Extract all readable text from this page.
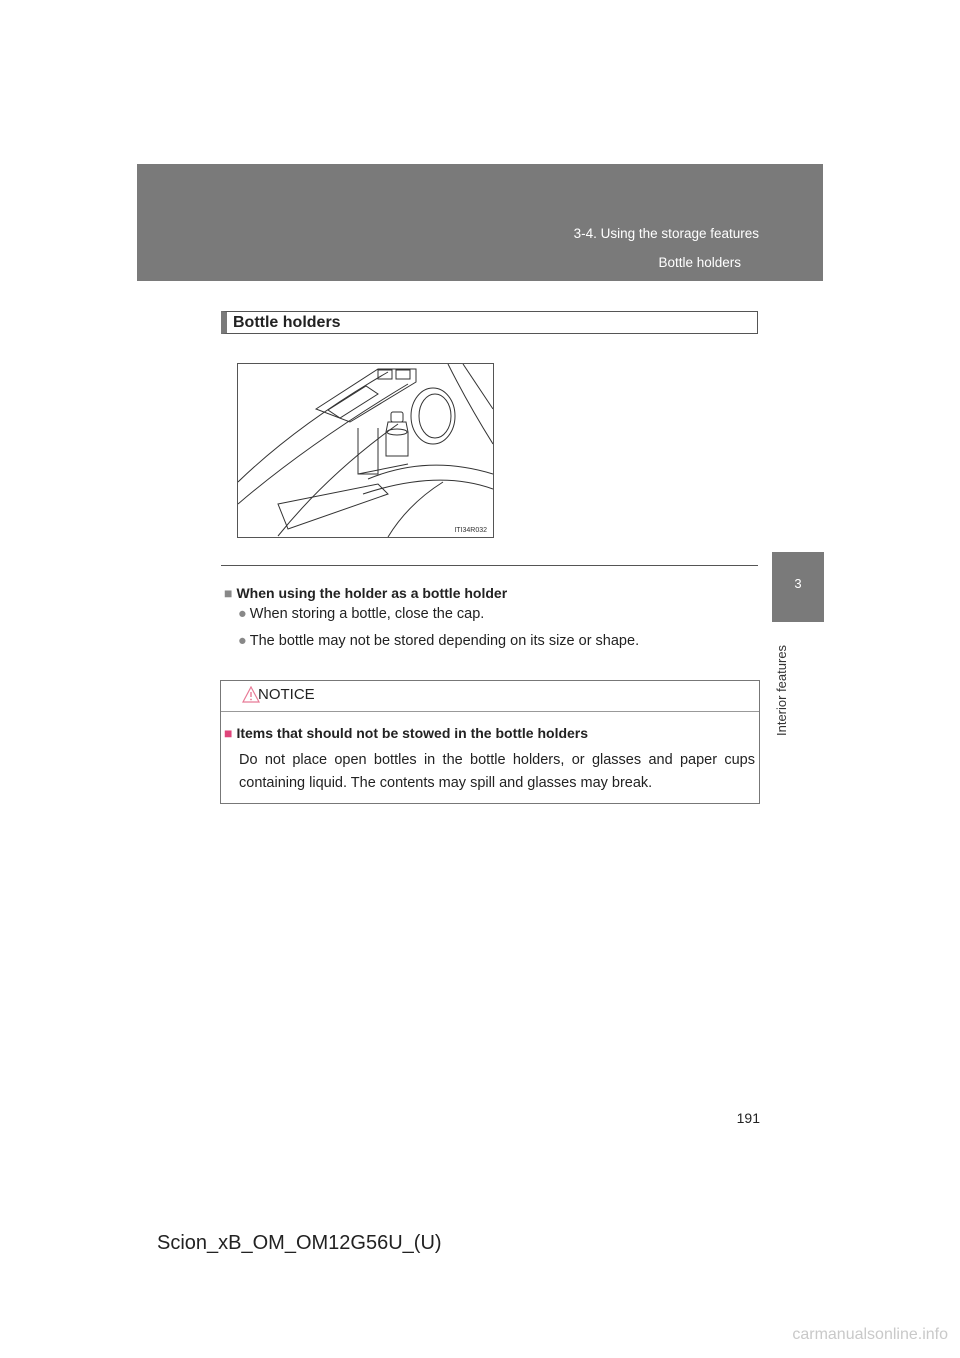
3-4. Using the storage features
Bottle holders
3
Interior features
Bottle holders
ITI34R032
■ When using the holder as a bottle holder
● When storing a bottle, close the cap.
● The bottle may not be stored depending on its size or shape.
NOTICE
■ Items that should not be stowed in the bottle holders
Do not place open bottles in the bottle holders, or glasses and paper cups containing liquid. The contents may spill and glasses may break.
191
Scion_xB_OM_OM12G56U_(U)
carmanualsonline.info
